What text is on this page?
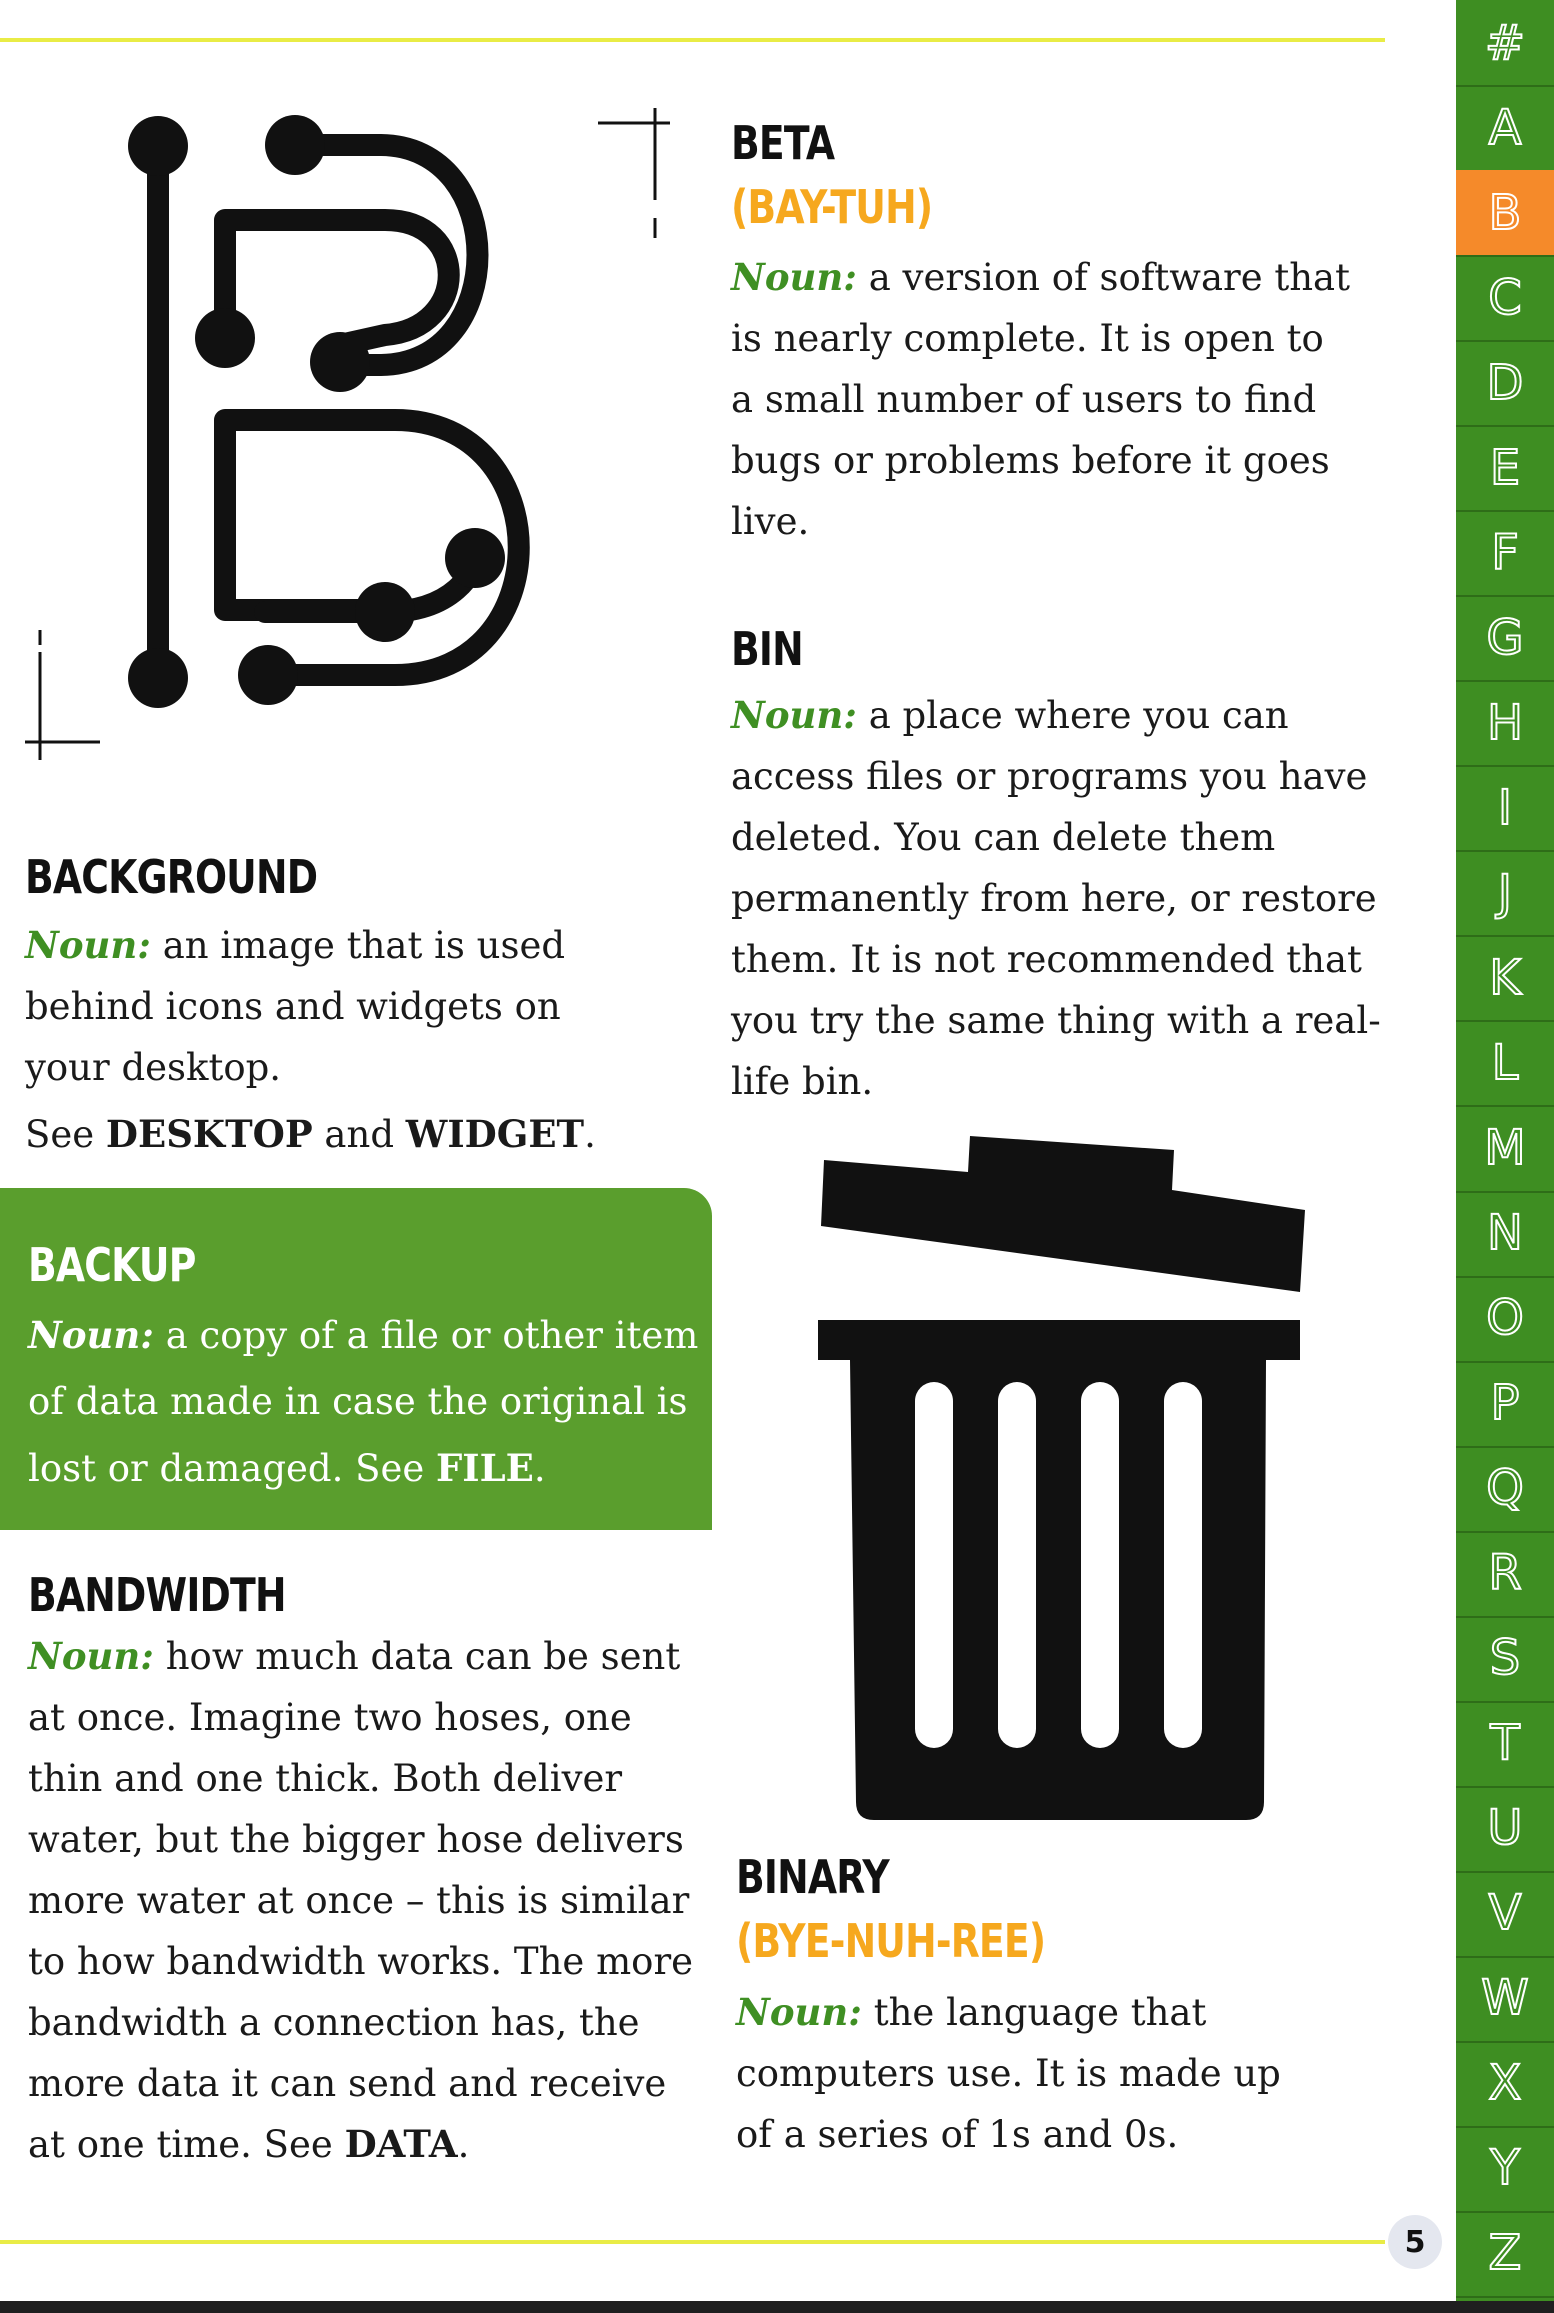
BETA
(BAY-TUH)

Noun: a version of software that is nearly complete. It is open to a small number of users to find bugs or problems before it goes live.

BIN

Noun: a place where you can access files or programs you have deleted. You can delete them permanently from here, or restore them. It is not recommended that you try the same thing with a real-life bin.

BACKGROUND

Noun: an image that is used behind icons and widgets on your desktop.

See DESKTOP and WIDGET.

BACKUP

Noun: a copy of a file or other item of data made in case the original is lost or damaged. See FILE.

BANDWIDTH

Noun: how much data can be sent at once. Imagine two hoses, one thin and one thick. Both deliver water, but the bigger hose delivers more water at once – this is similar to how bandwidth works. The more bandwidth a connection has, the more data it can send and receive at one time. See DATA.

BINARY
(BYE-NUH-REE)

Noun: the language that computers use. It is made up of a series of 1s and 0s.

5
#
A
B
C
D
E
F
G
H
I
J
K
L
M
N
O
P
Q
R
S
T
U
V
W
X
Y
Z
